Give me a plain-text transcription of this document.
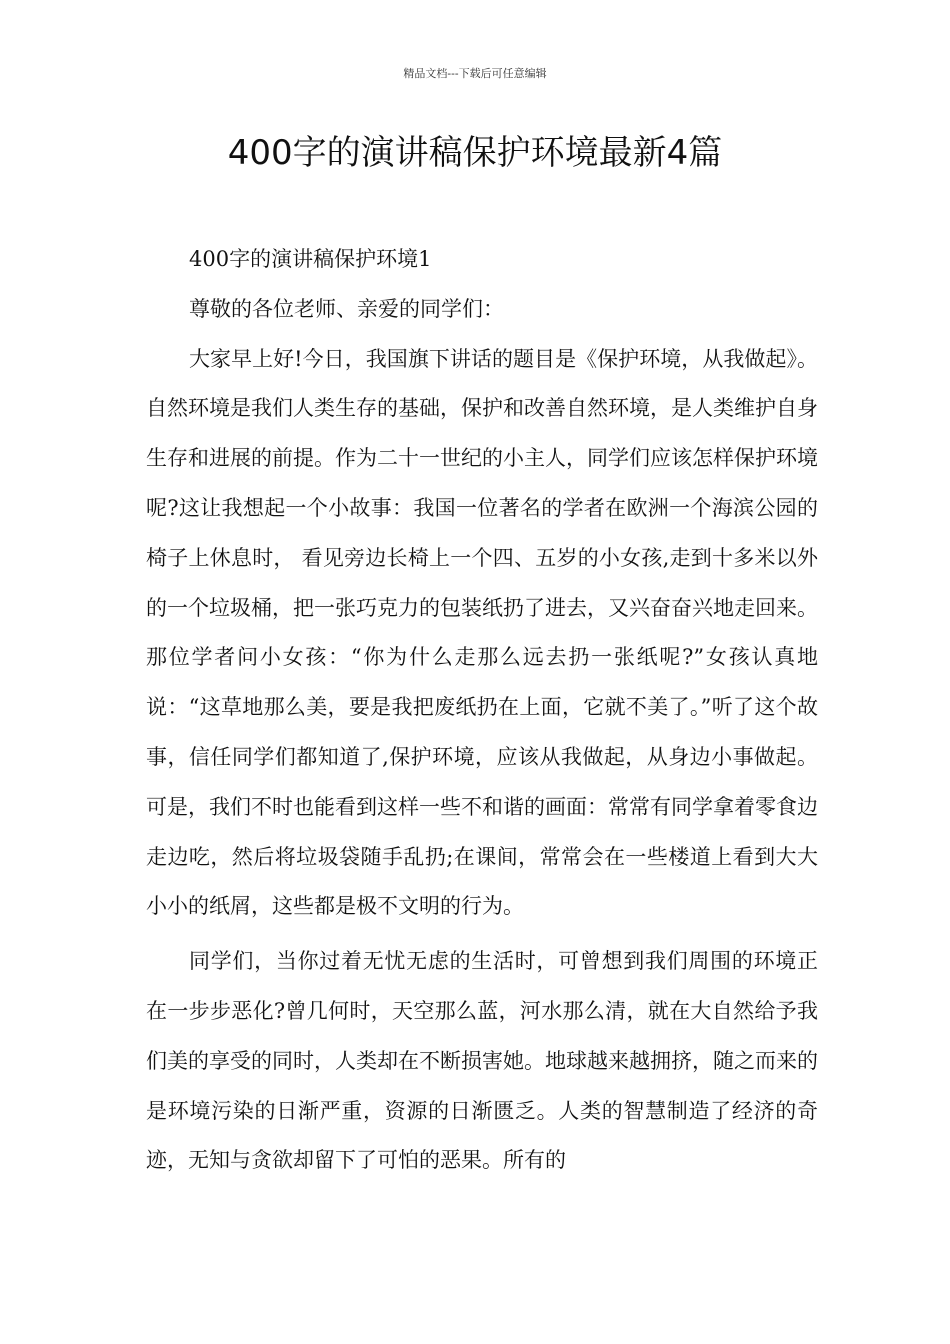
精品文档---下载后可任意编辑
400字的演讲稿保护环境最新4篇

400字的演讲稿保护环境1

尊敬的各位老师、亲爱的同学们：

大家早上好!今日，我国旗下讲话的题目是《保护环境，从我做起》。 自然环境是我们人类生存的基础，保护和改善自然环境，是人类维护自身生存和进展的前提。作为二十一世纪的小主人，同学们应该怎样保护环境呢?这让我想起一个小故事：我国一位著名的学者在欧洲一个海滨公园的椅子上休息时， 看见旁边长椅上一个四、五岁的小女孩,走到十多米以外的一个垃圾桶，把一张巧克力的包装纸扔了进去，又兴奋奋兴地走回来。那位学者问小女孩：“你为什么走那么远去扔一张纸呢?”女孩认真地说：“这草地那么美，要是我把废纸扔在上面，它就不美了。”听了这个故事，信任同学们都知道了,保护环境，应该从我做起，从身边小事做起。可是，我们不时也能看到这样一些不和谐的画面：常常有同学拿着零食边走边吃，然后将垃圾袋随手乱扔;在课间，常常会在一些楼道上看到大大小小的纸屑，这些都是极不文明的行为。

同学们，当你过着无忧无虑的生活时，可曾想到我们周围的环境正在一步步恶化?曾几何时，天空那么蓝，河水那么清，就在大自然给予我们美的享受的同时，人类却在不断损害她。地球越来越拥挤，随之而来的是环境污染的日渐严重，资源的日渐匮乏。人类的智慧制造了经济的奇迹，无知与贪欲却留下了可怕的恶果。所有的
